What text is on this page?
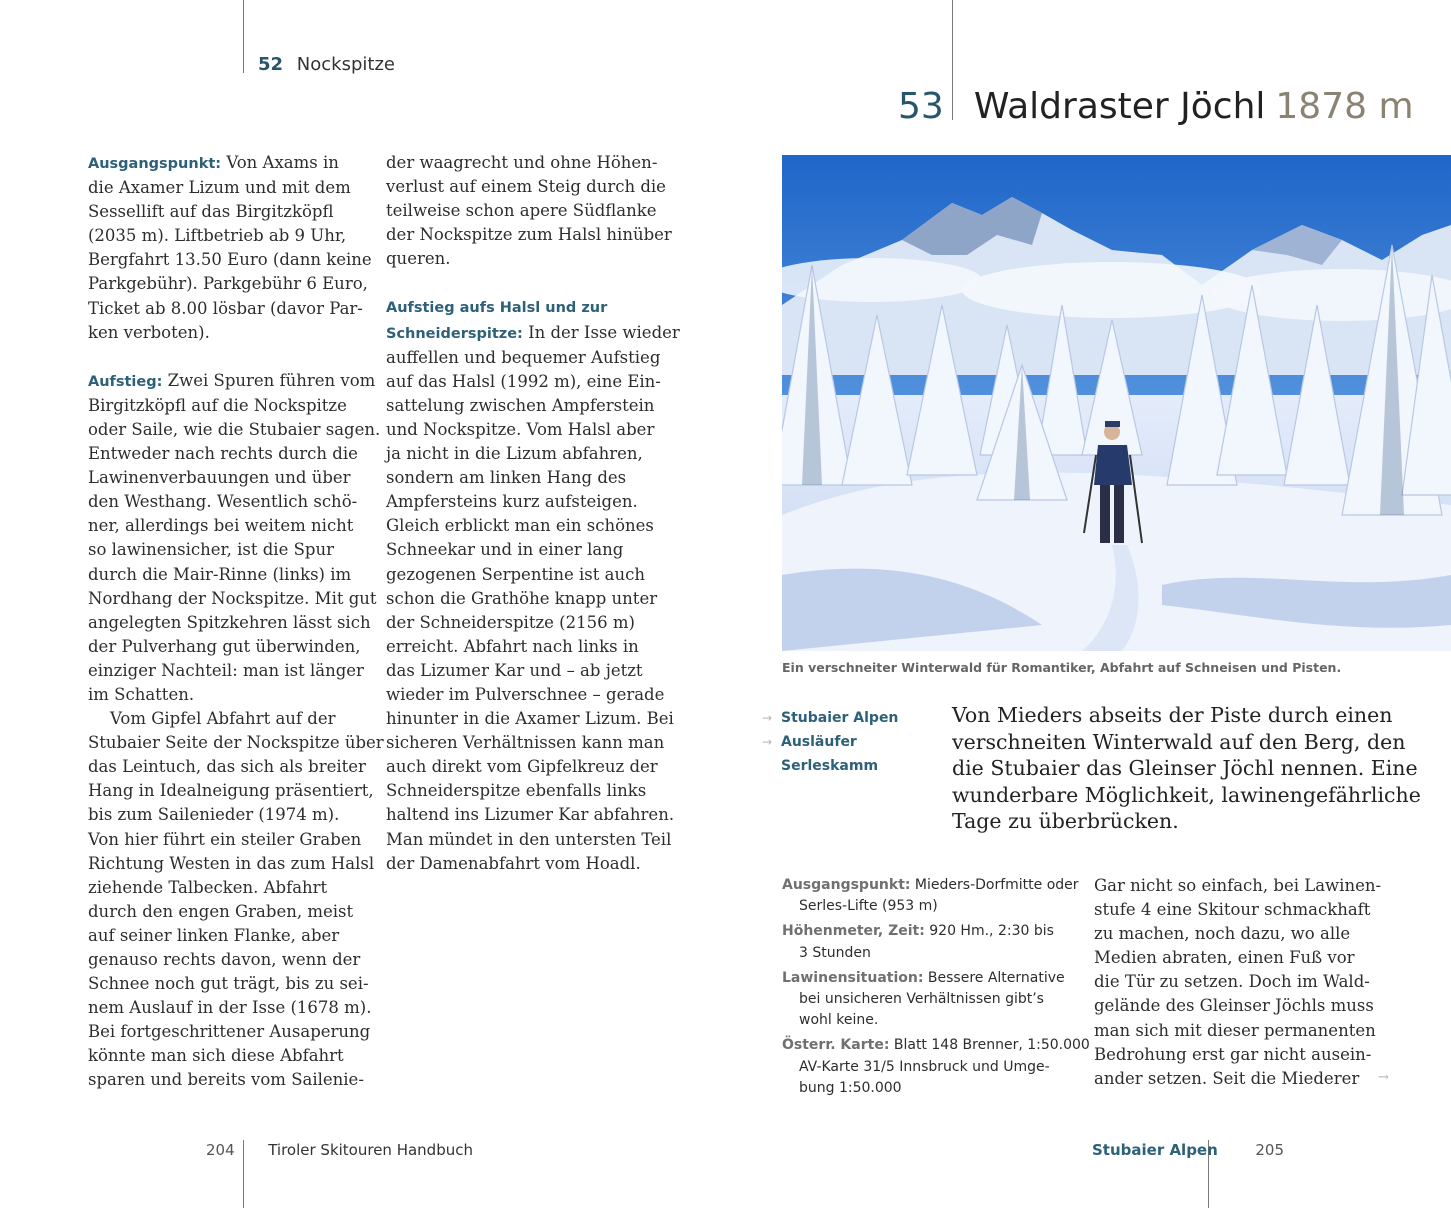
52 Nockspitze

Ausgangspunkt: Von Axams in

die Axamer Lizum und mit dem

Sessellift auf das Birgitzköpfl

(2035 m). Liftbetrieb ab 9 Uhr,

Bergfahrt 13.50 Euro (dann keine

Parkgebühr). Parkgebühr 6 Euro,

Ticket ab 8.00 lösbar (davor Par-

ken verboten).

Aufstieg: Zwei Spuren führen vom

Birgitzköpfl auf die Nockspitze

oder Saile, wie die Stubaier sagen.

Entweder nach rechts durch die

Lawinenverbauungen und über

den Westhang. Wesentlich schö-

ner, allerdings bei weitem nicht

so lawinensicher, ist die Spur

durch die Mair-Rinne (links) im

Nordhang der Nockspitze. Mit gut

angelegten Spitzkehren lässt sich

der Pulverhang gut überwinden,

einziger Nachteil: man ist länger

im Schatten.

Vom Gipfel Abfahrt auf der

Stubaier Seite der Nockspitze über

das Leintuch, das sich als breiter

Hang in Idealneigung präsentiert,

bis zum Sailenieder (1974 m).

Von hier führt ein steiler Graben

Richtung Westen in das zum Halsl

ziehende Talbecken. Abfahrt

durch den engen Graben, meist

auf seiner linken Flanke, aber

genauso rechts davon, wenn der

Schnee noch gut trägt, bis zu sei-

nem Auslauf in der Isse (1678 m).

Bei fortgeschrittener Ausaperung

könnte man sich diese Abfahrt

sparen und bereits vom Sailenie-

der waagrecht und ohne Höhen-

verlust auf einem Steig durch die

teilweise schon apere Südflanke

der Nockspitze zum Halsl hinüber

queren.

Aufstieg aufs Halsl und zur

Schneiderspitze: In der Isse wieder

auffellen und bequemer Aufstieg

auf das Halsl (1992 m), eine Ein-

sattelung zwischen Ampferstein

und Nockspitze. Vom Halsl aber

ja nicht in die Lizum abfahren,

sondern am linken Hang des

Ampfersteins kurz aufsteigen.

Gleich erblickt man ein schönes

Schneekar und in einer lang

gezogenen Serpentine ist auch

schon die Grathöhe knapp unter

der Schneiderspitze (2156 m)

erreicht. Abfahrt nach links in

das Lizumer Kar und – ab jetzt

wieder im Pulverschnee – gerade

hinunter in die Axamer Lizum. Bei

sicheren Verhältnissen kann man

auch direkt vom Gipfelkreuz der

Schneiderspitze ebenfalls links

haltend ins Lizumer Kar abfahren.

Man mündet in den untersten Teil

der Damenabfahrt vom Hoadl.

53 Waldraster Jöchl 1878 m
Ein verschneiter Winterwald für Romantiker, Abfahrt auf Schneisen und Pisten.
→ Stubaier Alpen
→ Ausläufer
Serleskamm
Von Mieders abseits der Piste durch einen
verschneiten Winterwald auf den Berg, den
die Stubaier das Gleinser Jöchl nennen. Eine
wunderbare Möglichkeit, lawinengefährliche
Tage zu überbrücken.
Ausgangspunkt: Mieders-Dorfmitte oder
Serles-Lifte (953 m)
Höhenmeter, Zeit: 920 Hm., 2:30 bis
3 Stunden
Lawinensituation: Bessere Alternative
bei unsicheren Verhältnissen gibt’s
wohl keine.
Österr. Karte: Blatt 148 Brenner, 1:50.000
AV-Karte 31/5 Innsbruck und Umge-
bung 1:50.000

Gar nicht so einfach, bei Lawinen-

stufe 4 eine Skitour schmackhaft

zu machen, noch dazu, wo alle

Medien abraten, einen Fuß vor

die Tür zu setzen. Doch im Wald-

gelände des Gleinser Jöchls muss

man sich mit dieser permanenten

Bedrohung erst gar nicht ausein-

ander setzen. Seit die Miederer	→
204 Tiroler Skitouren Handbuch	Stubaier Alpen	205
